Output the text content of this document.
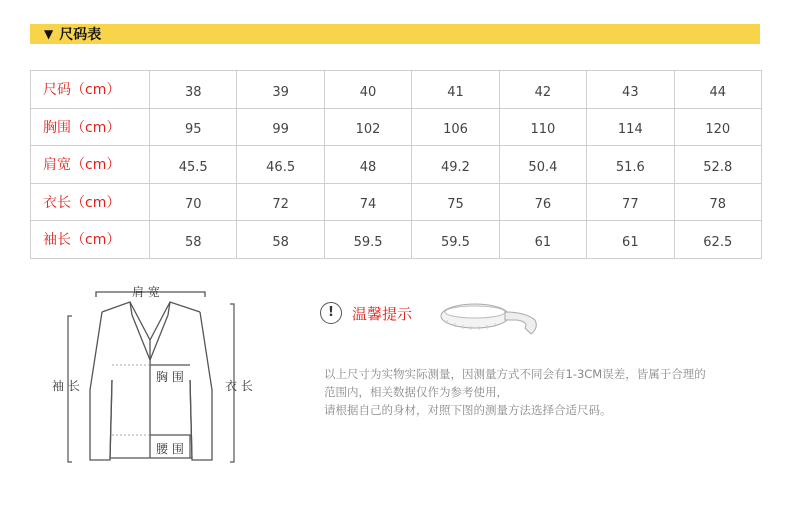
▼ 尺码表
尺码（cm）	38	39	40	41	42	43	44
胸围（cm）	95	99	102	106	110	114	120
肩宽（cm）	45.5	46.5	48	49.2	50.4	51.6	52.8
衣长（cm）	70	72	74	75	76	77	78
袖长（cm）	58	58	59.5	59.5	61	61	62.5
肩 宽
袖 长
胸 围
衣 长
腰 围
!	温馨提示
以上尺寸为实物实际测量，因测量方式不同会有1-3CM误差，皆属于合理的
范围内，相关数据仅作为参考使用，
请根据自己的身材，对照下图的测量方法选择合适尺码。
